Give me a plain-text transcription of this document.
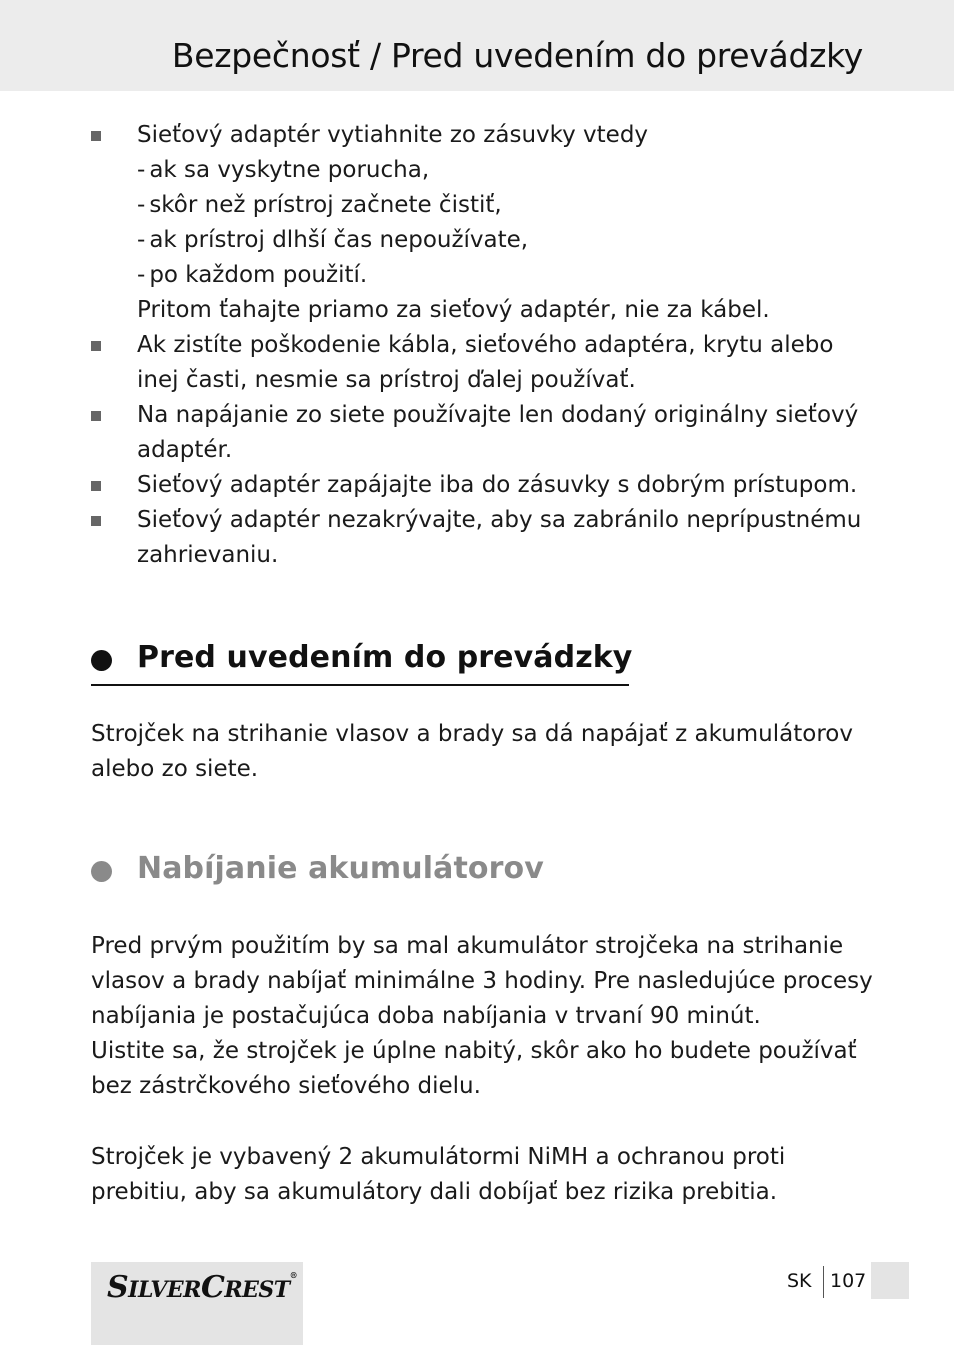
Bezpečnosť / Pred uvedením do prevádzky
Sieťový adaptér vytiahnite zo zásuvky vtedy
- ak sa vyskytne porucha,
- skôr než prístroj začnete čistiť,
- ak prístroj dlhší čas nepoužívate,
- po každom použití.
Pritom ťahajte priamo za sieťový adaptér, nie za kábel.
Ak zistíte poškodenie kábla, sieťového adaptéra, krytu alebo inej časti, nesmie sa prístroj ďalej používať.
Na napájanie zo siete používajte len dodaný originálny sieťový adaptér.
Sieťový adaptér zapájajte iba do zásuvky s dobrým prístupom.
Sieťový adaptér nezakrývajte, aby sa zabránilo neprípustnému zahrievaniu.
Pred uvedením do prevádzky
Strojček na strihanie vlasov a brady sa dá napájať z akumulátorov alebo zo siete.
Nabíjanie akumulátorov
Pred prvým použitím by sa mal akumulátor strojčeka na strihanie vlasov a brady nabíjať minimálne 3 hodiny. Pre nasledujúce procesy nabíjania je postačujúca doba nabíjania v trvaní 90 minút.
Uistite sa, že strojček je úplne nabitý, skôr ako ho budete používať bez zástrčkového sieťového dielu.
Strojček je vybavený 2 akumulátormi NiMH a ochranou proti prebitiu, aby sa akumulátory dali dobíjať bez rizika prebitia.
SILVERCREST®	SK 107
